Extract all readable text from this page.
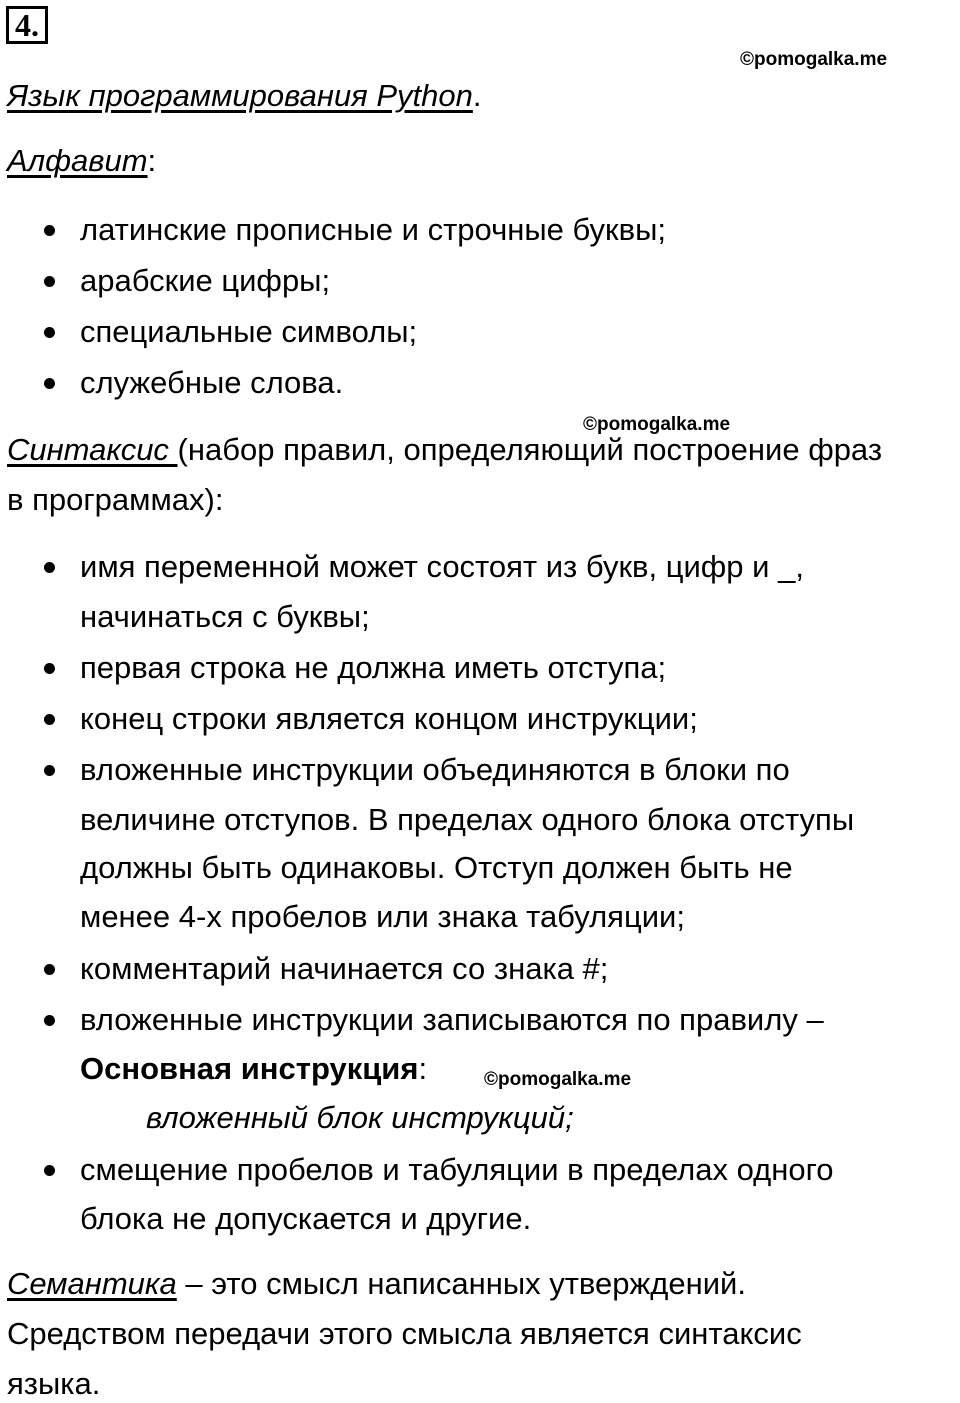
4.
©pomogalka.me
Язык программирования Python.
Алфавит:
латинские прописные и строчные буквы;
арабские цифры;
специальные символы;
служебные слова.
©pomogalka.me
Синтаксис (набор правил, определяющий построение фраз
в программах):
имя переменной может состоят из букв, цифр и _,
начинаться с буквы;
первая строка не должна иметь отступа;
конец строки является концом инструкции;
вложенные инструкции объединяются в блоки по
величине отступов. В пределах одного блока отступы
должны быть одинаковы. Отступ должен быть не
менее 4-х пробелов или знака табуляции;
комментарий начинается со знака #;
вложенные инструкции записываются по правилу –
Основная инструкция:	©pomogalka.me
вложенный блок инструкций;
смещение пробелов и табуляции в пределах одного
блока не допускается и другие.
Семантика – это смысл написанных утверждений.
Средством передачи этого смысла является синтаксис
языка.
